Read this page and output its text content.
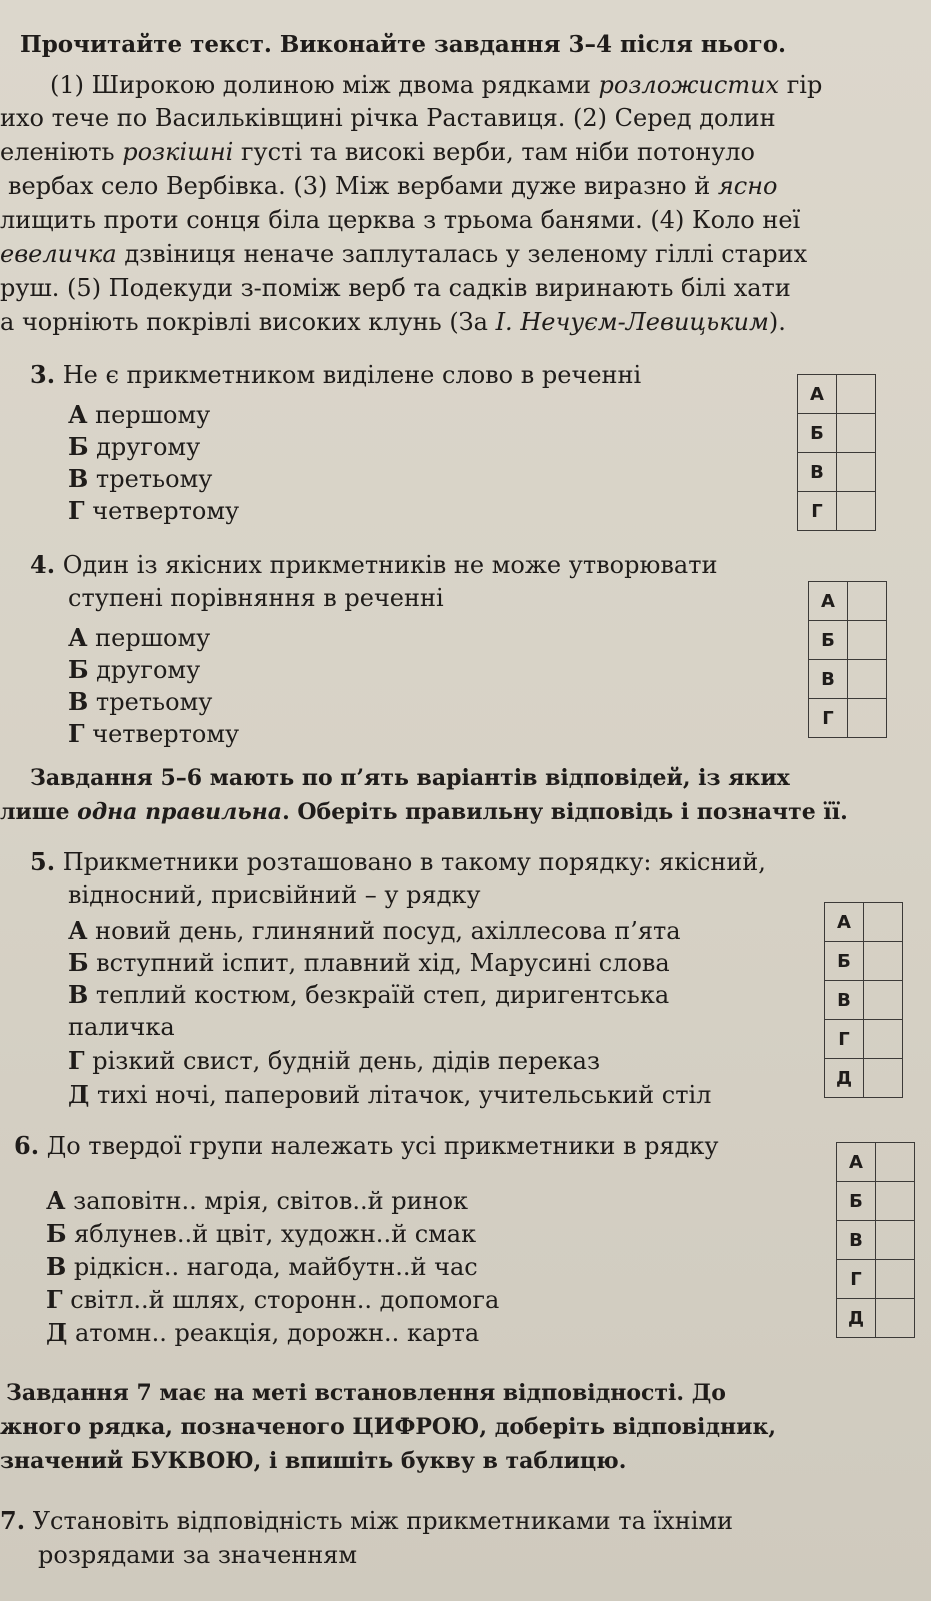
Прочитайте текст. Виконайте завдання 3–4 після нього.
(1) Широкою долиною між двома рядками розложистих гір
ихо тече по Васильківщині річка Раставиця. (2) Серед долин
еленіють розкішні густі та високі верби, там ніби потонуло
вербах село Вербівка. (3) Між вербами дуже виразно й ясно
лищить проти сонця біла церква з трьома банями. (4) Коло неї
евеличка дзвіниця неначе заплуталась у зеленому гіллі старих
руш. (5) Подекуди з-поміж верб та садків виринають білі хати
а чорніють покрівлі високих клунь (За І. Нечуєм-Левицьким).
3. Не є прикметником виділене слово в реченні
А першому
Б другому
В третьому
Г четвертому
А	
Б	
В	
Г	
4. Один із якісних прикметників не може утворювати
ступені порівняння в реченні
А першому
Б другому
В третьому
Г четвертому
А	
Б	
В	
Г	
Завдання 5–6 мають по п’ять варіантів відповідей, із яких
лише одна правильна. Оберіть правильну відповідь і позначте її.
5. Прикметники розташовано в такому порядку: якісний,
відносний, присвійний – у рядку
А новий день, глиняний посуд, ахіллесова п’ята
Б вступний іспит, плавний хід, Марусині слова
В теплий костюм, безкраїй степ, диригентська
паличка
Г різкий свист, будній день, дідів переказ
Д тихі ночі, паперовий літачок, учительський стіл
А	
Б	
В	
Г	
Д	
6. До твердої групи належать усі прикметники в рядку
А заповітн.. мрія, світов..й ринок
Б яблунев..й цвіт, художн..й смак
В рідкісн.. нагода, майбутн..й час
Г світл..й шлях, сторонн.. допомога
Д атомн.. реакція, дорожн.. карта
А	
Б	
В	
Г	
Д	
Завдання 7 має на меті встановлення відповідності. До
жного рядка, позначеного ЦИФРОЮ, доберіть відповідник,
значений БУКВОЮ, і впишіть букву в таблицю.
7. Установіть відповідність між прикметниками та їхніми
розрядами за значенням
